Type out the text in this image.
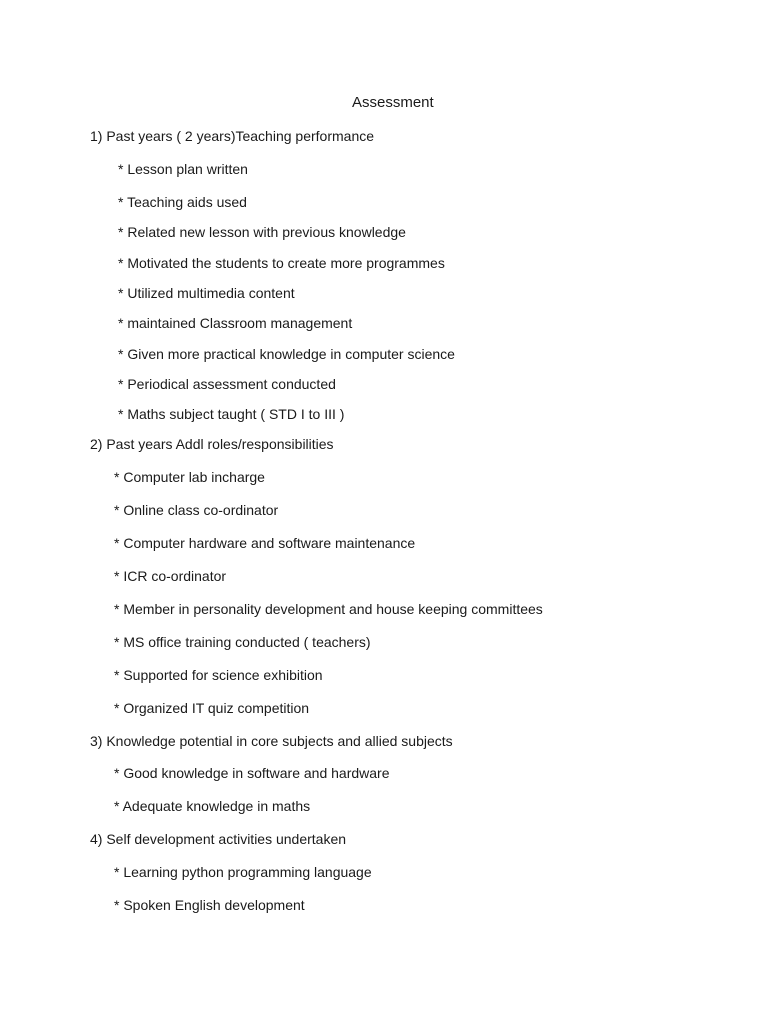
Assessment
1) Past years ( 2 years)Teaching performance
* Lesson plan written
* Teaching aids used
* Related new lesson with previous knowledge
* Motivated the students to create more programmes
* Utilized multimedia content
* maintained Classroom management
* Given more practical knowledge in computer science
* Periodical assessment conducted
* Maths subject taught ( STD I to III )
2) Past years Addl roles/responsibilities
* Computer lab incharge
* Online class co-ordinator
* Computer hardware and software maintenance
* ICR co-ordinator
* Member in personality development and house keeping committees
* MS office training conducted ( teachers)
* Supported for science exhibition
* Organized IT quiz competition
3) Knowledge potential in core subjects and allied subjects
* Good knowledge in software and hardware
* Adequate knowledge in maths
4) Self development activities undertaken
* Learning python programming language
* Spoken English development
